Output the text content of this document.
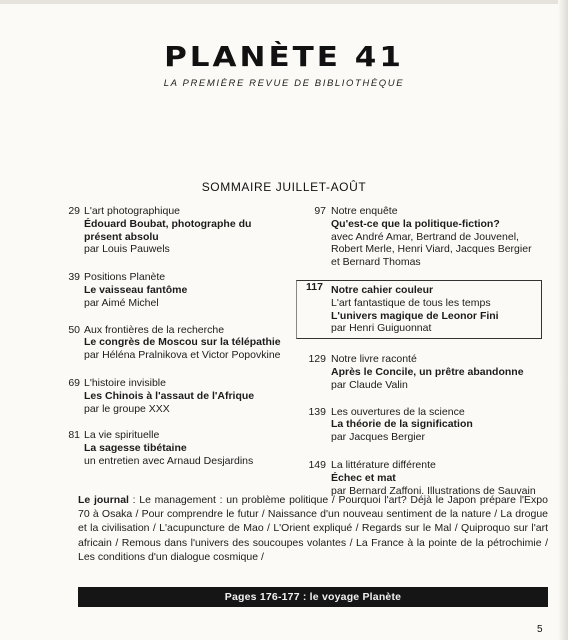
PLANÈTE 41
LA PREMIÈRE REVUE DE BIBLIOTHÈQUE
SOMMAIRE JUILLET-AOÛT
29 L'art photographique
Édouard Boubat, photographe du présent absolu
par Louis Pauwels
39 Positions Planète
Le vaisseau fantôme
par Aimé Michel
50 Aux frontières de la recherche
Le congrès de Moscou sur la télépathie
par Héléna Pralnikova et Victor Popovkine
69 L'histoire invisible
Les Chinois à l'assaut de l'Afrique
par le groupe XXX
81 La vie spirituelle
La sagesse tibétaine
un entretien avec Arnaud Desjardins
97 Notre enquête
Qu'est-ce que la politique-fiction?
avec André Amar, Bertrand de Jouvenel, Robert Merle, Henri Viard, Jacques Bergier et Bernard Thomas
117 Notre cahier couleur
L'art fantastique de tous les temps
L'univers magique de Leonor Fini
par Henri Guiguonnat
129 Notre livre raconté
Après le Concile, un prêtre abandonne
par Claude Valin
139 Les ouvertures de la science
La théorie de la signification
par Jacques Bergier
149 La littérature différente
Échec et mat
par Bernard Zaffoni. Illustrations de Sauvain
Le journal : Le management : un problème politique / Pourquoi l'art? Déjà le Japon prépare l'Expo 70 à Osaka / Pour comprendre le futur / Naissance d'un nouveau sentiment de la nature / La drogue et la civilisation / L'acupuncture de Mao / L'Orient expliqué / Regards sur le Mal / Quiproquo sur l'art africain / Remous dans l'univers des soucoupes volantes / La France à la pointe de la pétrochimie / Les conditions d'un dialogue cosmique /
Pages 176-177 : le voyage Planète
5
